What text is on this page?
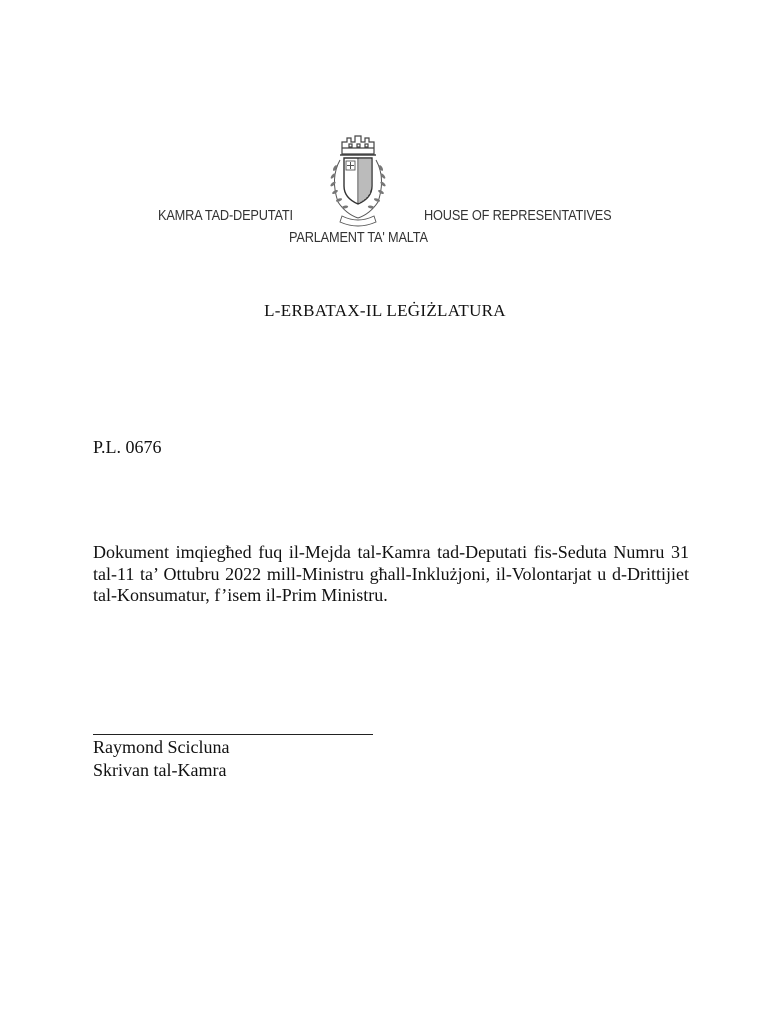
KAMRA TAD-DEPUTATI	HOUSE OF REPRESENTATIVES
PARLAMENT TA' MALTA
L-ERBATAX-IL LEĠIŻLATURA
P.L. 0676
Dokument imqiegħed fuq il-Mejda tal-Kamra tad-Deputati fis-Seduta Numru 31 tal-11 ta’ Ottubru 2022 mill-Ministru għall-Inklużjoni, il-Volontarjat u d-Drittijiet tal-Konsumatur, f’isem il-Prim Ministru.
Raymond Scicluna
Skrivan tal-Kamra
